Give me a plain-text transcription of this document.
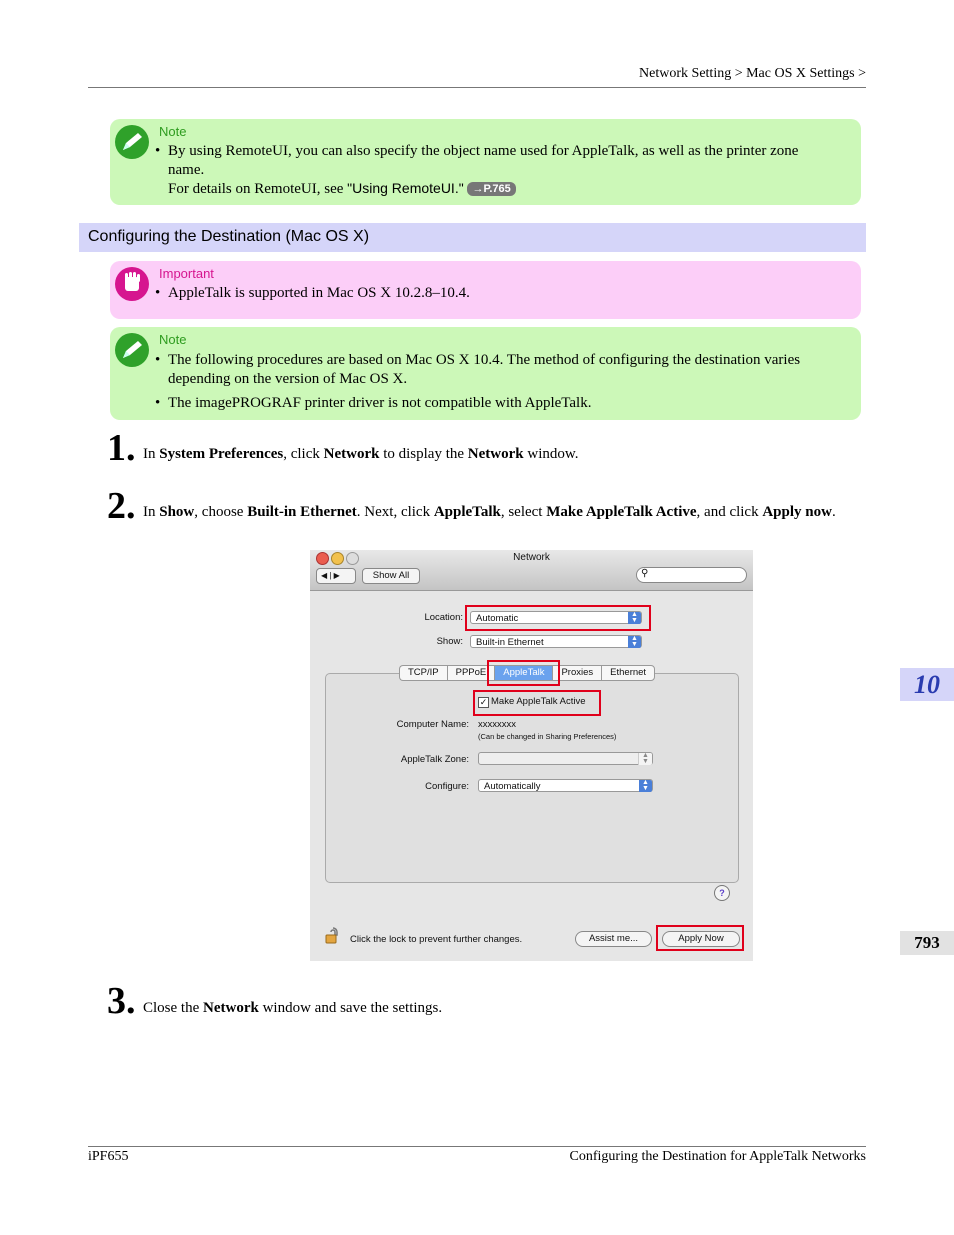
Network Setting > Mac OS X Settings >
Note
• By using RemoteUI, you can also specify the object name used for AppleTalk, as well as the printer zone name.
For details on RemoteUI, see "Using RemoteUI." →P.765
Configuring the Destination (Mac OS X)
Important
• AppleTalk is supported in Mac OS X 10.2.8–10.4.
Note
• The following procedures are based on Mac OS X 10.4. The method of configuring the destination varies depending on the version of Mac OS X.
• The imagePROGRAF printer driver is not compatible with AppleTalk.
1. In System Preferences, click Network to display the Network window.
2. In Show, choose Built-in Ethernet. Next, click AppleTalk, select Make AppleTalk Active, and click Apply now.
Network
◀ | ▶	Show All	⚲
Location:	Automatic	▲
▼
Show:	Built-in Ethernet	▲
▼
TCP/IP	PPPoE	AppleTalk	Proxies	Ethernet
✓ Make AppleTalk Active
Computer Name: xxxxxxxx
(Can be changed in Sharing Preferences)
AppleTalk Zone:	▲
▼
Configure:	Automatically	▲
▼
?
Click the lock to prevent further changes.	Assist me...	Apply Now
3. Close the Network window and save the settings.
10
793
iPF655	Configuring the Destination for AppleTalk Networks
